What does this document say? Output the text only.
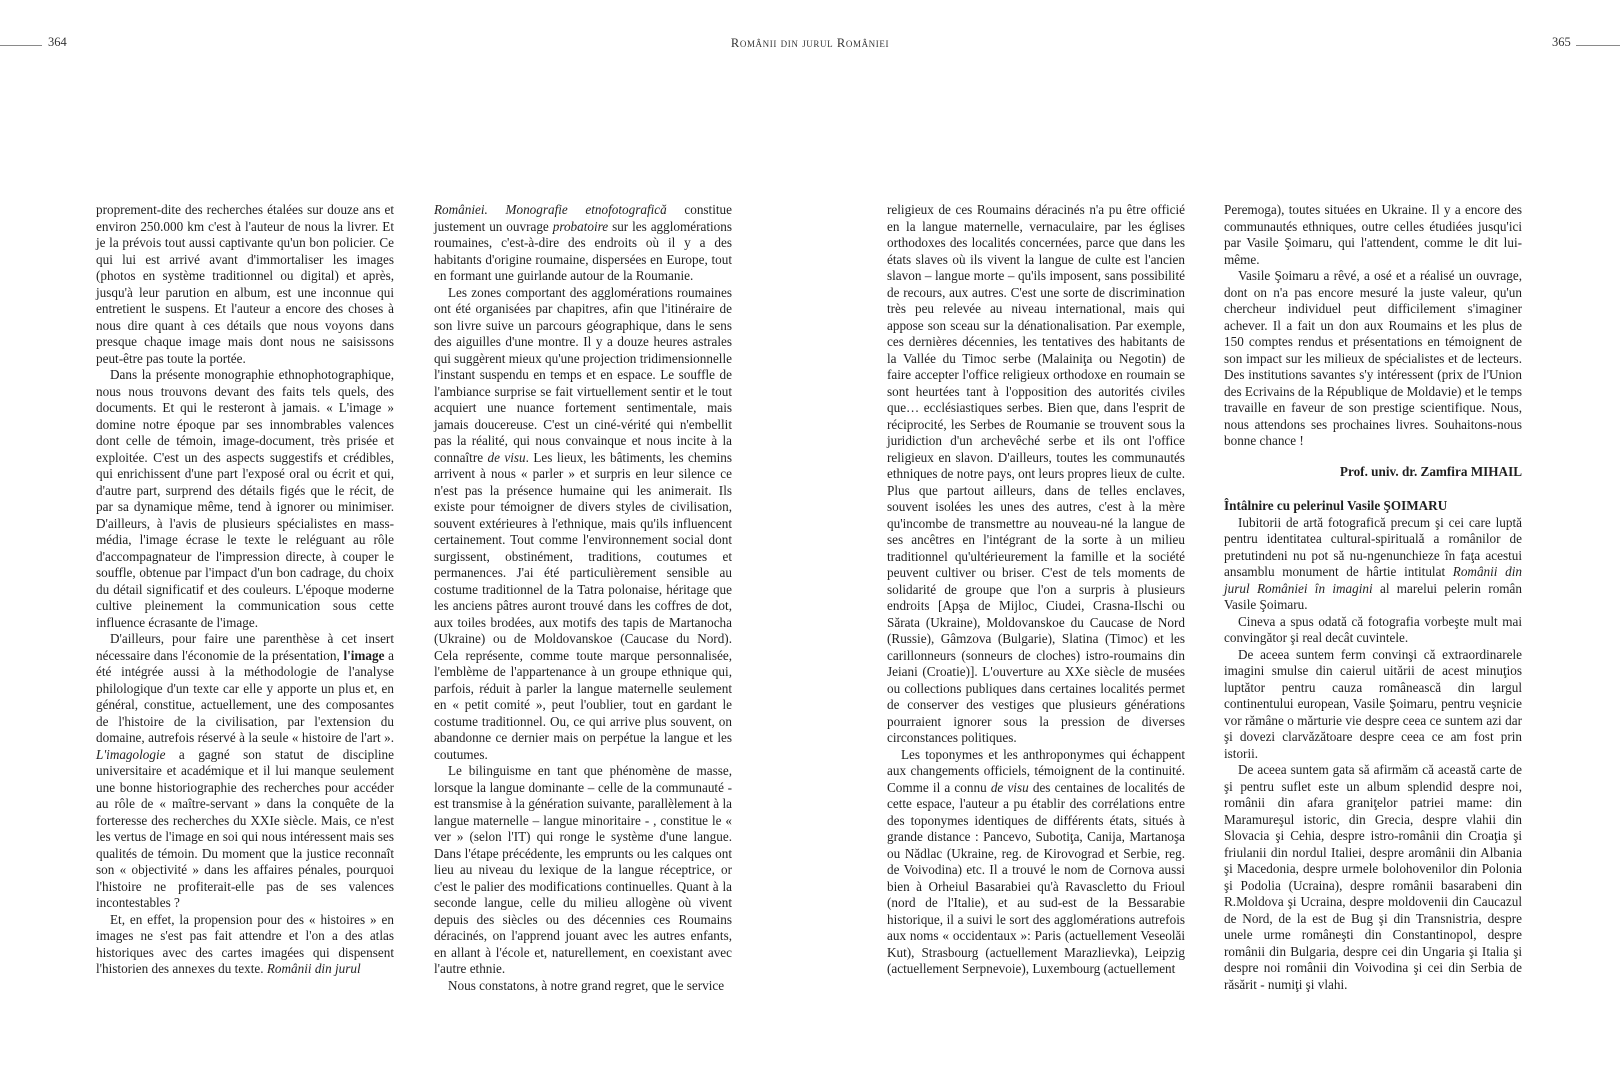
364

proprement-dite des recherches étalées sur douze ans et environ 250.000 km c'est à l'auteur de nous la livrer. Et je la prévois tout aussi captivante qu'un bon policier. Ce qui lui est arrivé avant d'immortaliser les images (photos en système traditionnel ou digital) et après, jusqu'à leur parution en album, est une inconnue qui entretient le suspens. Et l'auteur a encore des choses à nous dire quant à ces détails que nous voyons dans presque chaque image mais dont nous ne saisissons peut-être pas toute la portée.

Dans la présente monographie ethnophotographique, nous nous trouvons devant des faits tels quels, des documents. Et qui le resteront à jamais. « L'image » domine notre époque par ses innombrables valences dont celle de témoin, image-document, très prisée et exploitée. C'est un des aspects suggestifs et crédibles, qui enrichissent d'une part l'exposé oral ou écrit et qui, d'autre part, surprend des détails figés que le récit, de par sa dynamique même, tend à ignorer ou minimiser. D'ailleurs, à l'avis de plusieurs spécialistes en mass-média, l'image écrase le texte le reléguant au rôle d'accompagnateur de l'impression directe, à couper le souffle, obtenue par l'impact d'un bon cadrage, du choix du détail significatif et des couleurs. L'époque moderne cultive pleinement la communication sous cette influence écrasante de l'image.

D'ailleurs, pour faire une parenthèse à cet insert nécessaire dans l'économie de la présentation, l'image a été intégrée aussi à la méthodologie de l'analyse philologique d'un texte car elle y apporte un plus et, en général, constitue, actuellement, une des composantes de l'histoire de la civilisation, par l'extension du domaine, autrefois réservé à la seule « histoire de l'art ». L'imagologie a gagné son statut de discipline universitaire et académique et il lui manque seulement une bonne historiographie des recherches pour accéder au rôle de « maître-servant » dans la conquête de la forteresse des recherches du XXIe siècle. Mais, ce n'est les vertus de l'image en soi qui nous intéressent mais ses qualités de témoin. Du moment que la justice reconnaît son « objectivité » dans les affaires pénales, pourquoi l'histoire ne profiterait-elle pas de ses valences incontestables ?

Et, en effet, la propension pour des « histoires » en images ne s'est pas fait attendre et l'on a des atlas historiques avec des cartes imagées qui dispensent l'historien des annexes du texte. Românii din jurul

României. Monografie etnofotografică constitue justement un ouvrage probatoire sur les agglomérations roumaines, c'est-à-dire des endroits où il y a des habitants d'origine roumaine, dispersées en Europe, tout en formant une guirlande autour de la Roumanie.

Les zones comportant des agglomérations roumaines ont été organisées par chapitres, afin que l'itinéraire de son livre suive un parcours géographique, dans le sens des aiguilles d'une montre. Il y a douze heures astrales qui suggèrent mieux qu'une projection tridimensionnelle l'instant suspendu en temps et en espace. Le souffle de l'ambiance surprise se fait virtuellement sentir et le tout acquiert une nuance fortement sentimentale, mais jamais doucereuse. C'est un ciné-vérité qui n'embellit pas la réalité, qui nous convainque et nous incite à la connaître de visu. Les lieux, les bâtiments, les chemins arrivent à nous « parler » et surpris en leur silence ce n'est pas la présence humaine qui les animerait. Ils existe pour témoigner de divers styles de civilisation, souvent extérieures à l'ethnique, mais qu'ils influencent certainement. Tout comme l'environnement social dont surgissent, obstinément, traditions, coutumes et permanences. J'ai été particulièrement sensible au costume traditionnel de la Tatra polonaise, héritage que les anciens pâtres auront trouvé dans les coffres de dot, aux toiles brodées, aux motifs des tapis de Martanocha (Ukraine) ou de Moldovanskoe (Caucase du Nord). Cela représente, comme toute marque personnalisée, l'emblème de l'appartenance à un groupe ethnique qui, parfois, réduit à parler la langue maternelle seulement en « petit comité », peut l'oublier, tout en gardant le costume traditionnel. Ou, ce qui arrive plus souvent, on abandonne ce dernier mais on perpétue la langue et les coutumes.

Le bilinguisme en tant que phénomène de masse, lorsque la langue dominante – celle de la communauté - est transmise à la génération suivante, parallèlement à la langue maternelle – langue minoritaire - , constitue le « ver » (selon l'IT) qui ronge le système d'une langue. Dans l'étape précédente, les emprunts ou les calques ont lieu au niveau du lexique de la langue réceptrice, or c'est le palier des modifications continuelles. Quant à la seconde langue, celle du milieu allogène où vivent depuis des siècles ou des décennies ces Roumains déracinés, on l'apprend jouant avec les autres enfants, en allant à l'école et, naturellement, en coexistant avec l'autre ethnie.

Nous constatons, à notre grand regret, que le service

Românii din jurul României	365

religieux de ces Roumains déracinés n'a pu être officié en la langue maternelle, vernaculaire, par les églises orthodoxes des localités concernées, parce que dans les états slaves où ils vivent la langue de culte est l'ancien slavon – langue morte – qu'ils imposent, sans possibilité de recours, aux autres. C'est une sorte de discrimination très peu relevée au niveau international, mais qui appose son sceau sur la dénationalisation. Par exemple, ces dernières décennies, les tentatives des habitants de la Vallée du Timoc serbe (Malainiţa ou Negotin) de faire accepter l'office religieux orthodoxe en roumain se sont heurtées tant à l'opposition des autorités civiles que… ecclésiastiques serbes. Bien que, dans l'esprit de réciprocité, les Serbes de Roumanie se trouvent sous la juridiction d'un archevêché serbe et ils ont l'office religieux en slavon. D'ailleurs, toutes les communautés ethniques de notre pays, ont leurs propres lieux de culte. Plus que partout ailleurs, dans de telles enclaves, souvent isolées les unes des autres, c'est à la mère qu'incombe de transmettre au nouveau-né la langue de ses ancêtres en l'intégrant de la sorte à un milieu traditionnel qu'ultérieurement la famille et la société peuvent cultiver ou briser. C'est de tels moments de solidarité de groupe que l'on a surpris à plusieurs endroits [Apşa de Mijloc, Ciudei, Crasna-Ilschi ou Sărata (Ukraine), Moldovanskoe du Caucase de Nord (Russie), Gâmzova (Bulgarie), Slatina (Timoc) et les carillonneurs (sonneurs de cloches) istro-roumains din Jeiani (Croatie)]. L'ouverture au XXe siècle de musées ou collections publiques dans certaines localités permet de conserver des vestiges que plusieurs générations pourraient ignorer sous la pression de diverses circonstances politiques.

Les toponymes et les anthroponymes qui échappent aux changements officiels, témoignent de la continuité. Comme il a connu de visu des centaines de localités de cette espace, l'auteur a pu établir des corrélations entre des toponymes identiques de différents états, situés à grande distance : Pancevo, Subotiţa, Canija, Martanoşa ou Nădlac (Ukraine, reg. de Kirovograd et Serbie, reg. de Voivodina) etc. Il a trouvé le nom de Cornova aussi bien à Orheiul Basarabiei qu'à Ravascletto du Frioul (nord de l'Italie), et au sud-est de la Bessarabie historique, il a suivi le sort des agglomérations autrefois aux noms « occidentaux »: Paris (actuellement Veseolăi Kut), Strasbourg (actuellement Marazlievka), Leipzig (actuellement Serpnevoie), Luxembourg (actuellement

Peremoga), toutes situées en Ukraine. Il y a encore des communautés ethniques, outre celles étudiées jusqu'ici par Vasile Şoimaru, qui l'attendent, comme le dit lui-même.

Vasile Şoimaru a rêvé, a osé et a réalisé un ouvrage, dont on n'a pas encore mesuré la juste valeur, qu'un chercheur individuel peut difficilement s'imaginer achever. Il a fait un don aux Roumains et les plus de 150 comptes rendus et présentations en témoignent de son impact sur les milieux de spécialistes et de lecteurs. Des institutions savantes s'y intéressent (prix de l'Union des Ecrivains de la République de Moldavie) et le temps travaille en faveur de son prestige scientifique. Nous, nous attendons ses prochaines livres. Souhaitons-nous bonne chance !

Prof. univ. dr. Zamfira MIHAIL

Întâlnire cu pelerinul Vasile ŞOIMARU

Iubitorii de artă fotografică precum şi cei care luptă pentru identitatea cultural-spirituală a românilor de pretutindeni nu pot să nu-ngenunchieze în faţa acestui ansamblu monument de hârtie intitulat Românii din jurul României în imagini al marelui pelerin român Vasile Şoimaru.

Cineva a spus odată că fotografia vorbeşte mult mai convingător şi real decât cuvintele.

De aceea suntem ferm convinşi că extraordinarele imagini smulse din caierul uitării de acest minuţios luptător pentru cauza românească din largul continentului european, Vasile Şoimaru, pentru veşnicie vor rămâne o mărturie vie despre ceea ce suntem azi dar şi dovezi clarvăzătoare despre ceea ce am fost prin istorii.

De aceea suntem gata să afirmăm că această carte de şi pentru suflet este un album splendid despre noi, românii din afara graniţelor patriei mame: din Maramureşul istoric, din Grecia, despre vlahii din Slovacia şi Cehia, despre istro-românii din Croaţia şi friulanii din nordul Italiei, despre aromânii din Albania şi Macedonia, despre urmele bolohovenilor din Polonia şi Podolia (Ucraina), despre românii basarabeni din R.Moldova şi Ucraina, despre moldovenii din Caucazul de Nord, de la est de Bug şi din Transnistria, despre unele urme româneşti din Constantinopol, despre românii din Bulgaria, despre cei din Ungaria şi Italia şi despre noi românii din Voivodina şi cei din Serbia de răsărit - numiţi şi vlahi.
